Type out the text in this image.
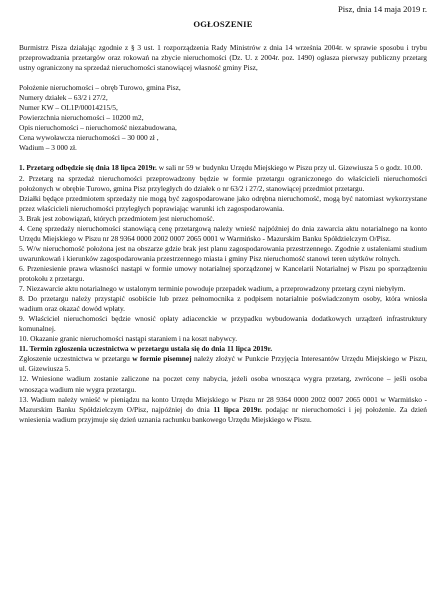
Pisz, dnia 14 maja 2019 r.
OGŁOSZENIE

Burmistrz Pisza działając zgodnie z § 3 ust. 1 rozporządzenia Rady Ministrów z dnia 14 września 2004r. w sprawie sposobu i trybu przeprowadzania przetargów oraz rokowań na zbycie nieruchomości (Dz. U. z 2004r. poz. 1490) ogłasza pierwszy publiczny przetarg ustny ograniczony na sprzedaż nieruchomości stanowiącej własność gminy Pisz,

Położenie nieruchomości – obręb Turowo, gmina Pisz,
Numery działek – 63/2 i 27/2,
Numer KW – OL1P/00014215/5,
Powierzchnia nieruchomości – 10200 m2,
Opis nieruchomości – nieruchomość niezabudowana,
Cena wywoławcza nieruchomości – 30 000 zł ,
Wadium – 3 000 zł.

1. Przetarg odbędzie się dnia 18 lipca 2019r. w sali nr 59 w budynku Urzędu Miejskiego w Piszu przy ul. Gizewiusza 5 o godz. 10.00.

2. Przetarg na sprzedaż nieruchomości przeprowadzony będzie w formie przetargu ograniczonego do właścicieli nieruchomości położonych w obrębie Turowo, gmina Pisz przyległych do działek o nr 63/2 i 27/2, stanowiącej przedmiot przetargu.

Działki będące przedmiotem sprzedaży nie mogą być zagospodarowane jako odrębna nieruchomość, mogą być natomiast wykorzystane przez właścicieli nieruchomości przyległych poprawiając warunki ich zagospodarowania.

3. Brak jest zobowiązań, których przedmiotem jest nieruchomość.

4. Cenę sprzedaży nieruchomości stanowiącą cenę przetargową należy wnieść najpóźniej do dnia zawarcia aktu notarialnego na konto Urzędu Miejskiego w Piszu nr 28 9364 0000 2002 0007 2065 0001 w Warmińsko - Mazurskim Banku Spółdzielczym O/Pisz.

5. W/w nieruchomość położona jest na obszarze gdzie brak jest planu zagospodarowania przestrzennego. Zgodnie z ustaleniami studium uwarunkowań i kierunków zagospodarowania przestrzennego miasta i gminy Pisz nieruchomość stanowi teren użytków rolnych.

6. Przeniesienie prawa własności nastąpi w formie umowy notarialnej sporządzonej w Kancelarii Notarialnej w Piszu po sporządzeniu protokołu z przetargu.

7. Niezawarcie aktu notarialnego w ustalonym terminie powoduje przepadek wadium, a przeprowadzony przetarg czyni niebyłym.

8. Do przetargu należy przystąpić osobiście lub przez pełnomocnika z podpisem notarialnie poświadczonym osoby, która wniosła wadium oraz okazać dowód wpłaty.

9. Właściciel nieruchomości będzie wnosić opłaty adiacenckie w przypadku wybudowania dodatkowych urządzeń infrastruktury komunalnej.

10. Okazanie granic nieruchomości nastąpi staraniem i na koszt nabywcy.

11. Termin zgłoszenia uczestnictwa w przetargu ustala się do dnia 11 lipca 2019r.

Zgłoszenie uczestnictwa w przetargu w formie pisemnej należy złożyć w Punkcie Przyjęcia Interesantów Urzędu Miejskiego w Piszu, ul. Gizewiusza 5.

12. Wniesione wadium zostanie zaliczone na poczet ceny nabycia, jeżeli osoba wnosząca wygra przetarg, zwrócone – jeśli osoba wnosząca wadium nie wygra przetargu.

13. Wadium należy wnieść w pieniądzu na konto Urzędu Miejskiego w Piszu nr 28 9364 0000 2002 0007 2065 0001 w Warmińsko - Mazurskim Banku Spółdzielczym O/Pisz, najpóźniej do dnia 11 lipca 2019r. podając nr nieruchomości i jej położenie. Za dzień wniesienia wadium przyjmuje się dzień uznania rachunku bankowego Urzędu Miejskiego w Piszu.
